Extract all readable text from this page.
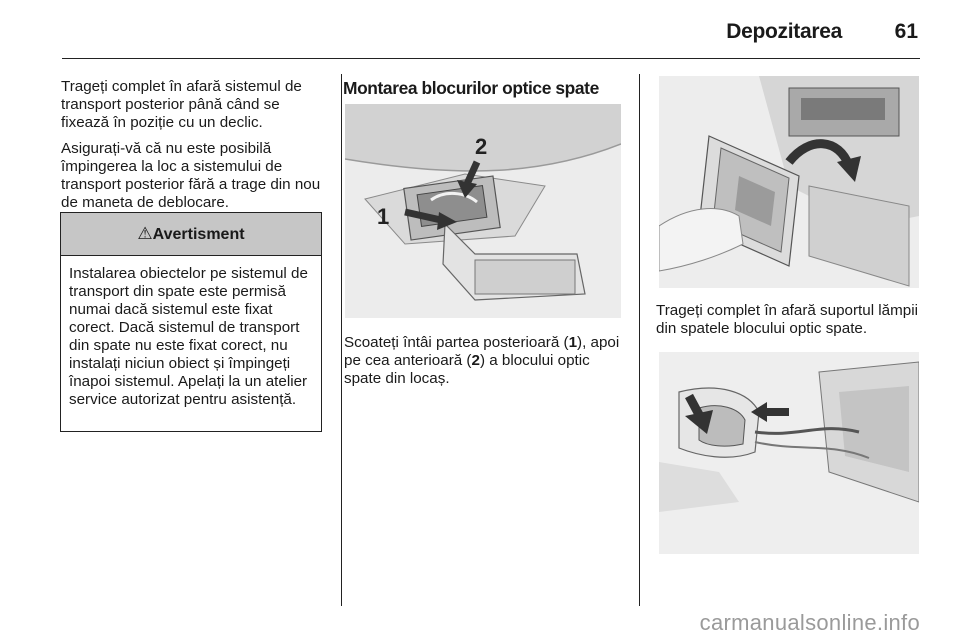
Depozitarea	61

Trageți complet în afară sistemul de transport posterior până când se fixează în poziție cu un declic.

Asigurați-vă că nu este posibilă împingerea la loc a sistemului de transport posterior fără a trage din nou de maneta de deblocare.

⚠Avertisment
Instalarea obiectelor pe sistemul de transport din spate este permisă numai dacă sistemul este fixat corect. Dacă sistemul de transport din spate nu este fixat corect, nu instalați niciun obiect și împingeți înapoi sistemul. Apelați la un atelier service autorizat pentru asistență.
Montarea blocurilor optice spate
2
1
Scoateți întâi partea posterioară (1), apoi pe cea anterioară (2) a blocului optic spate din locaș.
Trageți complet în afară suportul lămpii din spatele blocului optic spate.
carmanualsonline.info
